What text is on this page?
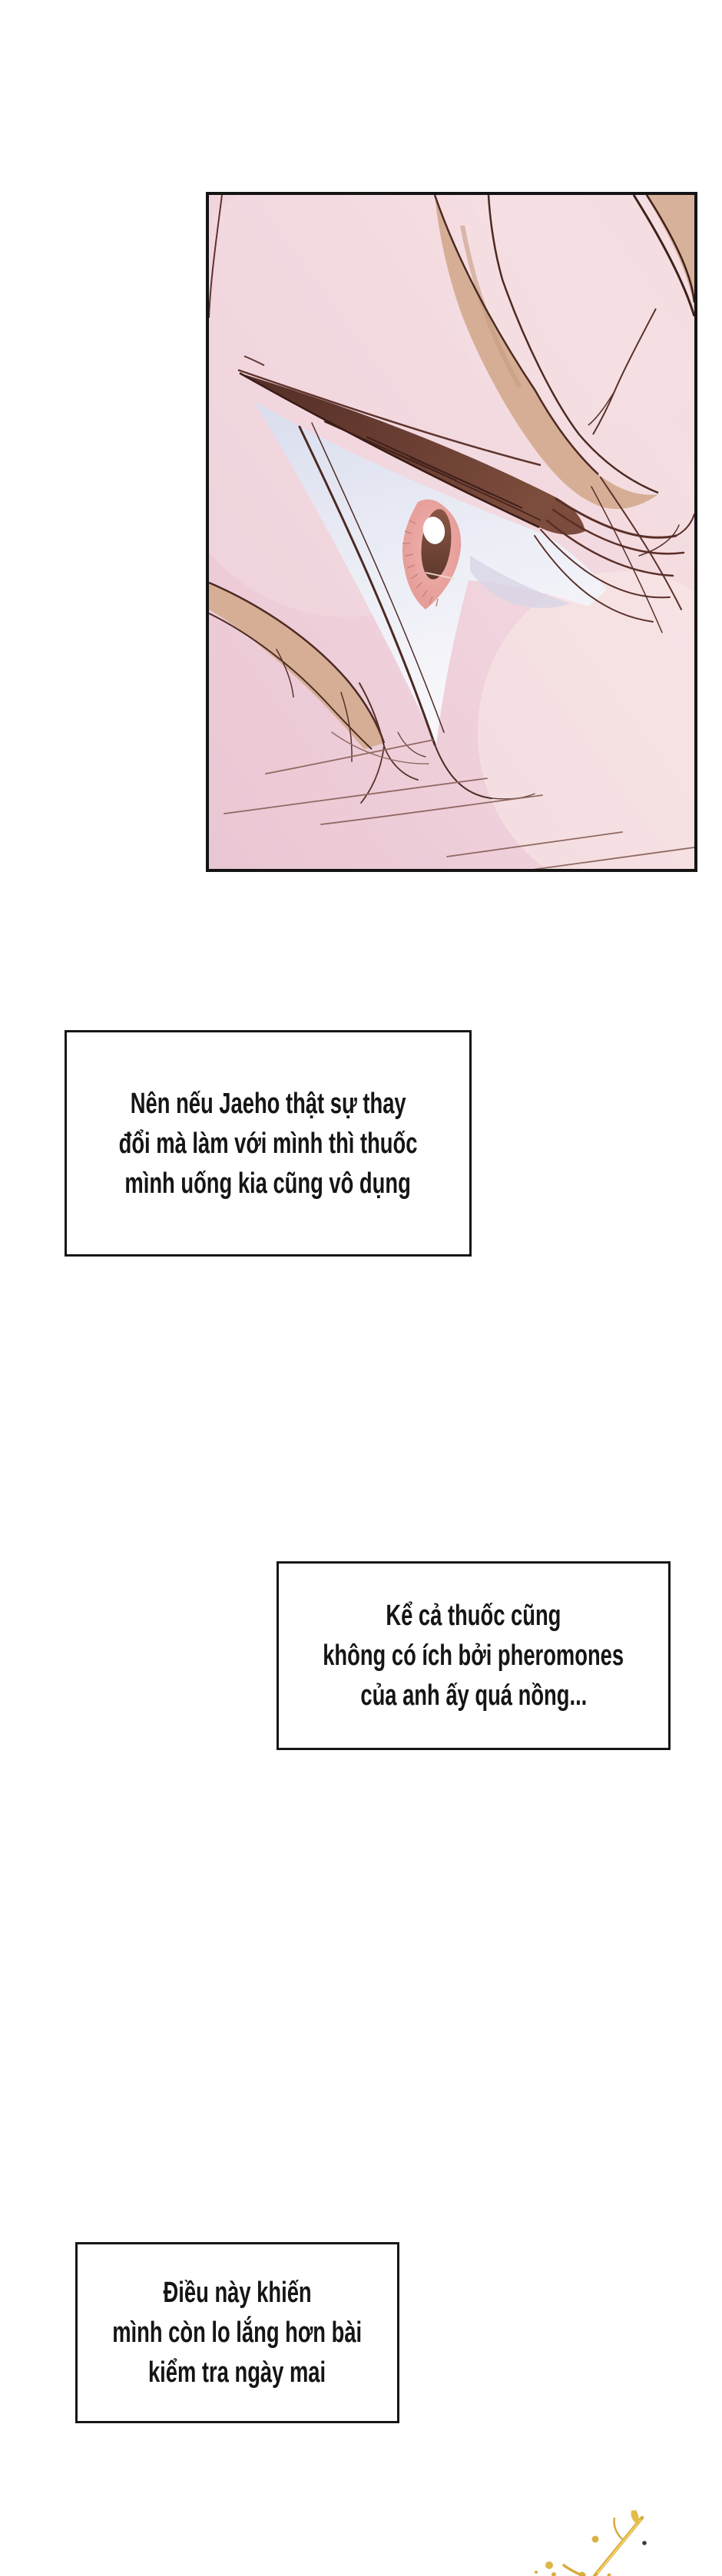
Nên nếu Jaeho thật sự thay
đổi mà làm với mình thì thuốc
mình uống kia cũng vô dụng
Kể cả thuốc cũng
không có ích bởi pheromones
của anh ấy quá nồng...
Điều này khiến
mình còn lo lắng hơn bài
kiểm tra ngày mai
